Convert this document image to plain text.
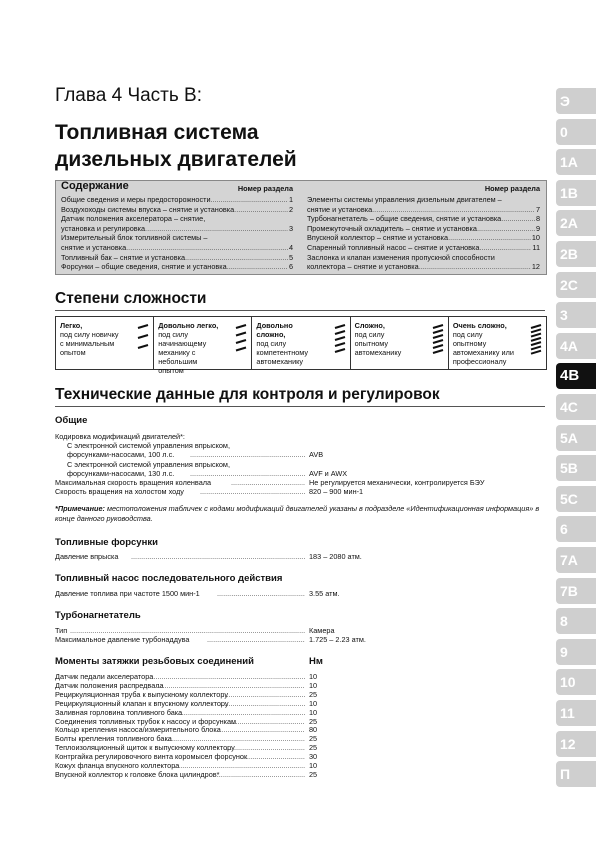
Глава 4 Часть B:
Топливная система
дизельных двигателей
Содержание	Номер раздела
Общие сведения и меры предосторожности .....	1
Воздухоходы системы впуска – снятие и установка .....	2
Датчик положения акселератора – снятие,
установка и регулировка .....	3
Измерительный блок топливной системы –
снятие и установка .....	4
Топливный бак – снятие и установка .....	5
Форсунки – общие сведения, снятие и установка .....	6
Номер раздела
Элементы системы управления дизельным двигателем –
снятие и установка .....	7
Турбонагнетатель – общие сведения, снятие и установка .....	8
Промежуточный охладитель – снятие и установка .....	9
Впускной коллектор – снятие и установка .....	10
Спаренный топливный насос – снятие и установка .....	11
Заслонка и клапан изменения пропускной способности
коллектора – снятие и установка .....	12
Степени сложности
Легко,
под силу новичку с минимальным опытом
Довольно легко,
под силу начинающему механику с небольшим опытом
Довольно сложно,
под силу компетентному автомеханику
Сложно,
под силу опытному автомеханику
Очень сложно,
под силу опытному автомеханику или профессионалу
Технические данные для контроля и регулировок
Общие
Кодировка модификаций двигателей*:
С электронной системой управления впрыском,
форсунками-насосами, 100 л.с. .....	AVB
С электронной системой управления впрыском,
форсунками-насосами, 130 л.с. .....	AVF и AWX
Максимальная скорость вращения коленвала .....	Не регулируется механически, контролируется БЭУ
Скорость вращения на холостом ходу .....	820 – 900 мин-1
*Примечание: местоположения табличек с кодами модификаций двигателей указаны в подразделе «Идентификационная информация» в конце данного руководства.
Топливные форсунки
Давление впрыска .....	183 – 2080 атм.
Топливный насос последовательного действия
Давление топлива при частоте 1500 мин-1 .....	3.55 атм.
Турбонагнетатель
Тип .....	Камера
Максимальное давление турбонаддува .....	1.725 – 2.23 атм.
Моменты затяжки резьбовых соединений	Нм
Датчик педали акселератора .....	10
Датчик положения распредвала .....	10
Рециркуляционная труба к выпускному коллектору .....	25
Рециркуляционный клапан к впускному коллектору .....	10
Заливная горловина топливного бака .....	10
Соединения топливных трубок к насосу и форсункам .....	25
Кольцо крепления насоса/измерительного блока .....	80
Болты крепления топливного бака .....	25
Теплоизоляционный щиток к выпускному коллектору .....	25
Контргайка регулировочного винта коромысел форсунок .....	30
Кожух фланца впускного коллектора .....	10
Впускной коллектор к головке блока цилиндров* .....	25
Э
0
1A
1B
2A
2B
2C
3
4A
4B
4C
5A
5B
5C
6
7A
7B
8
9
10
11
12
П
